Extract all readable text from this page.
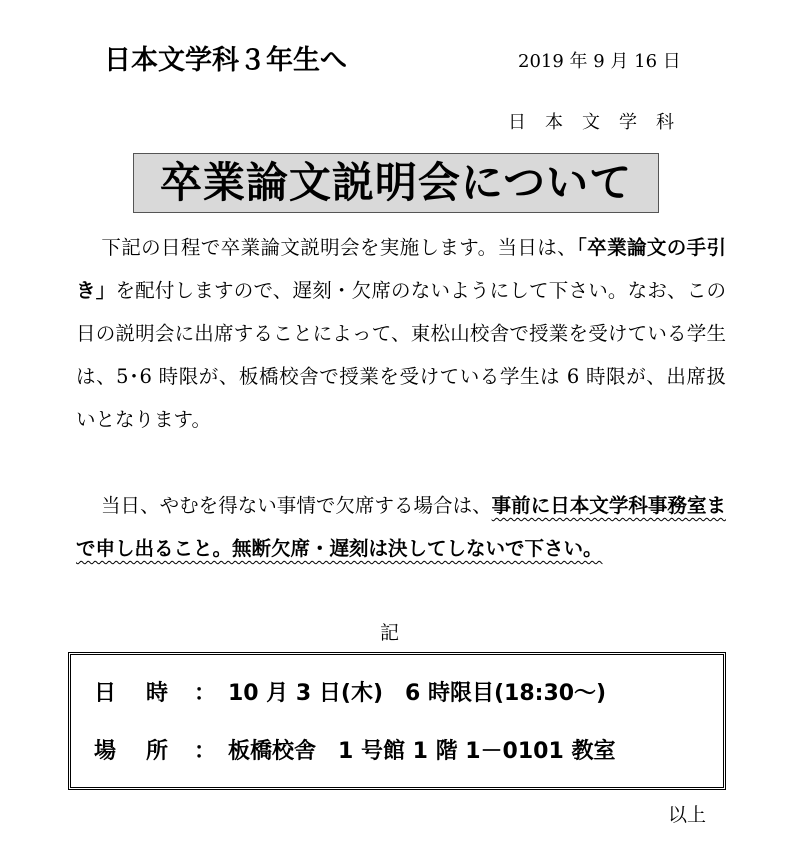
日本文学科３年生へ	2019 年 9 月 16 日
日本文学科
卒業論文説明会について
下記の日程で卒業論文説明会を実施します。当日は、「卒業論文の手引き」を配付しますので、遅刻・欠席のないようにして下さい。なお、この日の説明会に出席することによって、東松山校舎で授業を受けている学生は、5･6 時限が、板橋校舎で授業を受けている学生は 6 時限が、出席扱いとなります。
当日、やむを得ない事情で欠席する場合は、事前に日本文学科事務室まで申し出ること。無断欠席・遅刻は決してしないで下さい。
記
日時： 10 月 3 日(木)　6 時限目(18:30～)
場所： 板橋校舎　1 号館 1 階 1－0101 教室
以上
